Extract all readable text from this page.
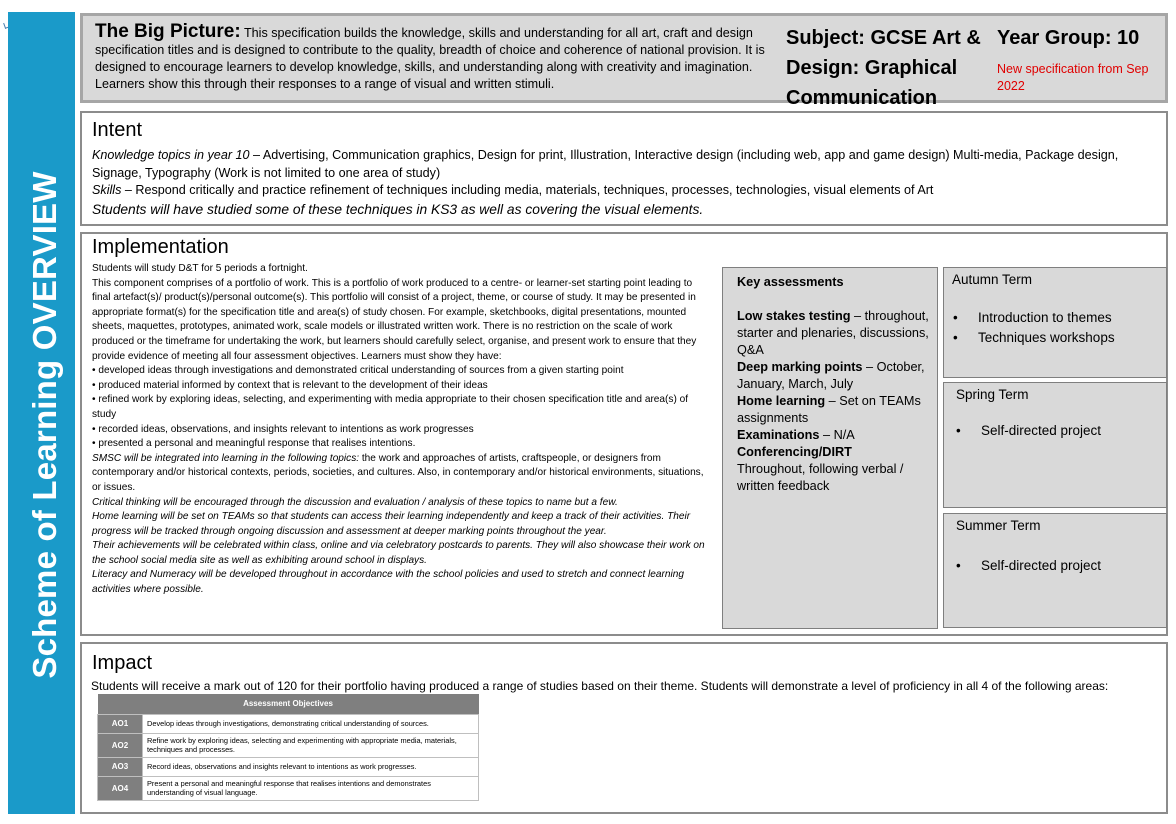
Scheme of Learning OVERVIEW
The Big Picture: This specification builds the knowledge, skills and understanding for all art, craft and design specification titles and is designed to contribute to the quality, breadth of choice and coherence of national provision. It is designed to encourage learners to develop knowledge, skills, and understanding along with creativity and imagination. Learners show this through their responses to a range of visual and written stimuli.
Subject: GCSE Art & Design: Graphical Communication
Year Group: 10
New specification from Sep 2022
Intent
Knowledge topics in year 10 – Advertising, Communication graphics, Design for print, Illustration, Interactive design (including web, app and game design) Multi-media, Package design, Signage, Typography (Work is not limited to one area of study)
Skills – Respond critically and practice refinement of techniques including media, materials, techniques, processes, technologies, visual elements of Art
Students will have studied some of these techniques in KS3 as well as covering the visual elements.
Implementation
Students will study D&T for 5 periods a fortnight.
This component comprises of a portfolio of work. This is a portfolio of work produced to a centre- or learner-set starting point leading to final artefact(s)/ product(s)/personal outcome(s). This portfolio will consist of a project, theme, or course of study. It may be presented in appropriate format(s) for the specification title and area(s) of study chosen. For example, sketchbooks, digital presentations, mounted sheets, maquettes, prototypes, animated work, scale models or illustrated written work. There is no restriction on the scale of work produced or the timeframe for undertaking the work, but learners should carefully select, organise, and present work to ensure that they provide evidence of meeting all four assessment objectives. Learners must show they have:
• developed ideas through investigations and demonstrated critical understanding of sources from a given starting point
• produced material informed by context that is relevant to the development of their ideas
• refined work by exploring ideas, selecting, and experimenting with media appropriate to their chosen specification title and area(s) of study
• recorded ideas, observations, and insights relevant to intentions as work progresses
• presented a personal and meaningful response that realises intentions.
SMSC will be integrated into learning in the following topics: the work and approaches of artists, craftspeople, or designers from contemporary and/or historical contexts, periods, societies, and cultures. Also, in contemporary and/or historical environments, situations, or issues.
Critical thinking will be encouraged through the discussion and evaluation / analysis of these topics to name but a few.
Home learning will be set on TEAMs so that students can access their learning independently and keep a track of their activities. Their progress will be tracked through ongoing discussion and assessment at deeper marking points throughout the year.
Their achievements will be celebrated within class, online and via celebratory postcards to parents. They will also showcase their work on the school social media site as well as exhibiting around school in displays.
Literacy and Numeracy will be developed throughout in accordance with the school policies and used to stretch and connect learning activities where possible.
Key assessments
Low stakes testing – throughout, starter and plenaries, discussions, Q&A
Deep marking points – October, January, March, July
Home learning – Set on TEAMs assignments
Examinations – N/A
Conferencing/DIRT
Throughout, following verbal / written feedback
Autumn Term
• Introduction to themes
• Techniques workshops
Spring Term
• Self-directed project
Summer Term
• Self-directed project
Impact
Students will receive a mark out of 120 for their portfolio having produced a range of studies based on their theme. Students will demonstrate a level of proficiency in all 4 of the following areas:
Assessment Objectives	
AO1	Develop ideas through investigations, demonstrating critical understanding of sources.
AO2	Refine work by exploring ideas, selecting and experimenting with appropriate media, materials, techniques and processes.
AO3	Record ideas, observations and insights relevant to intentions as work progresses.
AO4	Present a personal and meaningful response that realises intentions and demonstrates understanding of visual language.
